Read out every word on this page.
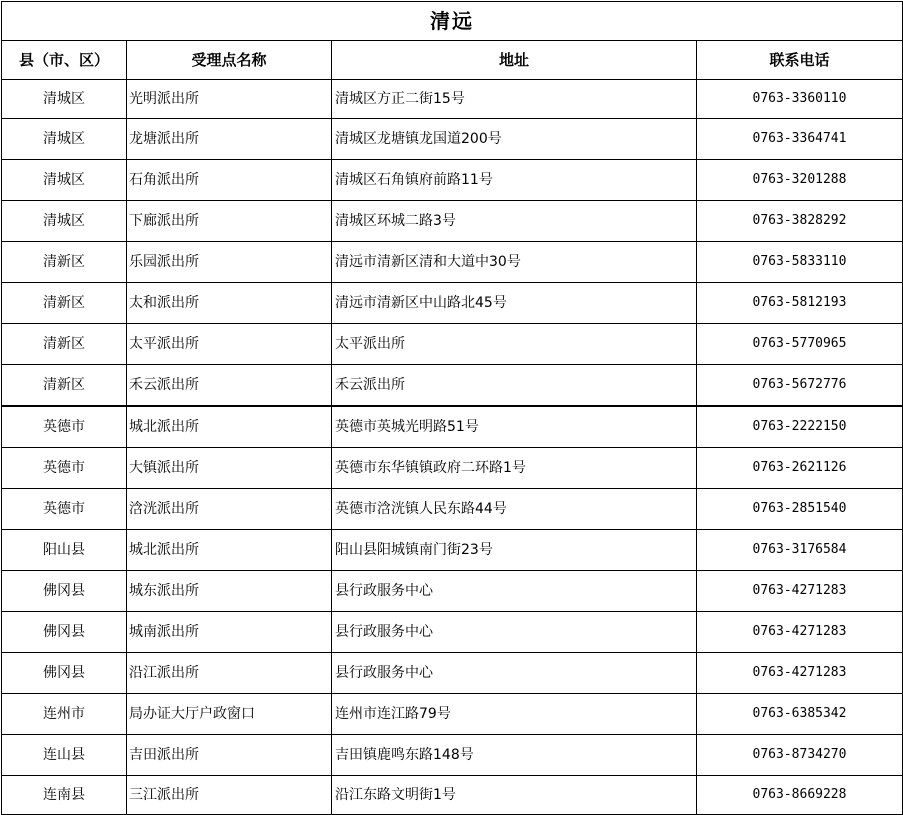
清远			
县（市、区）	受理点名称	地址	联系电话
清城区	光明派出所	清城区方正二街15号	0763-3360110
清城区	龙塘派出所	清城区龙塘镇龙国道200号	0763-3364741
清城区	石角派出所	清城区石角镇府前路11号	0763-3201288
清城区	下廊派出所	清城区环城二路3号	0763-3828292
清新区	乐园派出所	清远市清新区清和大道中30号	0763-5833110
清新区	太和派出所	清远市清新区中山路北45号	0763-5812193
清新区	太平派出所	太平派出所	0763-5770965
清新区	禾云派出所	禾云派出所	0763-5672776
英德市	城北派出所	英德市英城光明路51号	0763-2222150
英德市	大镇派出所	英德市东华镇镇政府二环路1号	0763-2621126
英德市	浛洸派出所	英德市浛洸镇人民东路44号	0763-2851540
阳山县	城北派出所	阳山县阳城镇南门街23号	0763-3176584
佛冈县	城东派出所	县行政服务中心	0763-4271283
佛冈县	城南派出所	县行政服务中心	0763-4271283
佛冈县	沿江派出所	县行政服务中心	0763-4271283
连州市	局办证大厅户政窗口	连州市连江路79号	0763-6385342
连山县	吉田派出所	吉田镇鹿鸣东路148号	0763-8734270
连南县	三江派出所	沿江东路文明街1号	0763-8669228
